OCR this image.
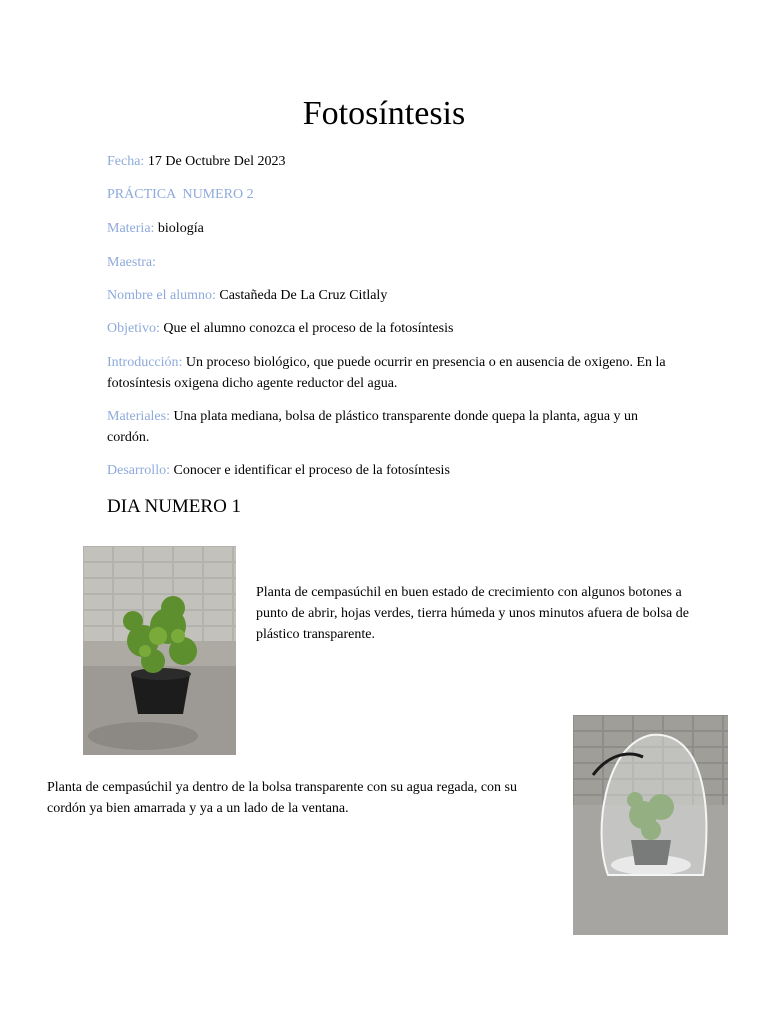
Fotosíntesis
Fecha: 17 De Octubre Del 2023
PRÁCTICA  NUMERO 2
Materia: biología
Maestra:
Nombre el alumno: Castañeda De La Cruz Citlaly
Objetivo: Que el alumno conozca el proceso de la fotosíntesis
Introducción: Un proceso biológico, que puede ocurrir en presencia o en ausencia de oxigeno. En la fotosíntesis oxigena dicho agente reductor del agua.
Materiales: Una plata mediana, bolsa de plástico transparente donde quepa la planta, agua y un cordón.
Desarrollo: Conocer e identificar el proceso de la fotosíntesis
DIA NUMERO 1
Planta de cempasúchil en buen estado de crecimiento con algunos botones a punto de abrir, hojas verdes, tierra húmeda y unos minutos afuera de bolsa de plástico transparente.
Planta de cempasúchil ya dentro de la bolsa transparente con su agua regada, con su cordón ya bien amarrada y ya a un lado de la ventana.
